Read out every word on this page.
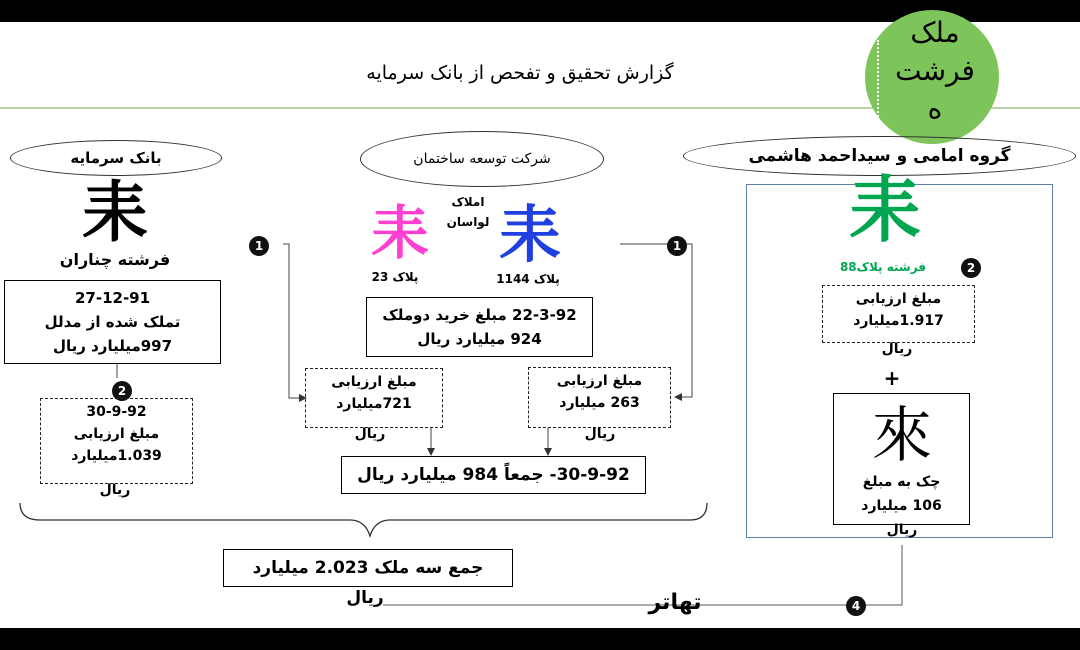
گزارش تحقیق و تفحص از بانک سرمایه
ملک فرشت ه
بانک سرمایه
耒
فرشته چناران
27-12-91
تملک شده از مدلل
997میلیارد ریال
2
30-9-92
مبلغ ارزیابی
1.039میلیارد
ریال
شرکت توسعه ساختمان
املاک
لواسان
耒 耒
پلاک 23	پلاک 1144
1	1
22-3-92 مبلغ خرید دوملک
924 میلیارد ریال
مبلغ ارزیابی
721میلیارد
ریال
مبلغ ارزیابی
263 میلیارد
ریال
30-9-92- جمعاً 984 میلیارد ریال
گروه امامی و سیداحمد هاشمی
耒
فرشته پلاک88	2
مبلغ ارزیابی
1.917میلیارد
ریال
+
來
چک به مبلغ
106 میلیارد
ریال
جمع سه ملک 2.023 میلیارد
ریال	تهاتر	4
